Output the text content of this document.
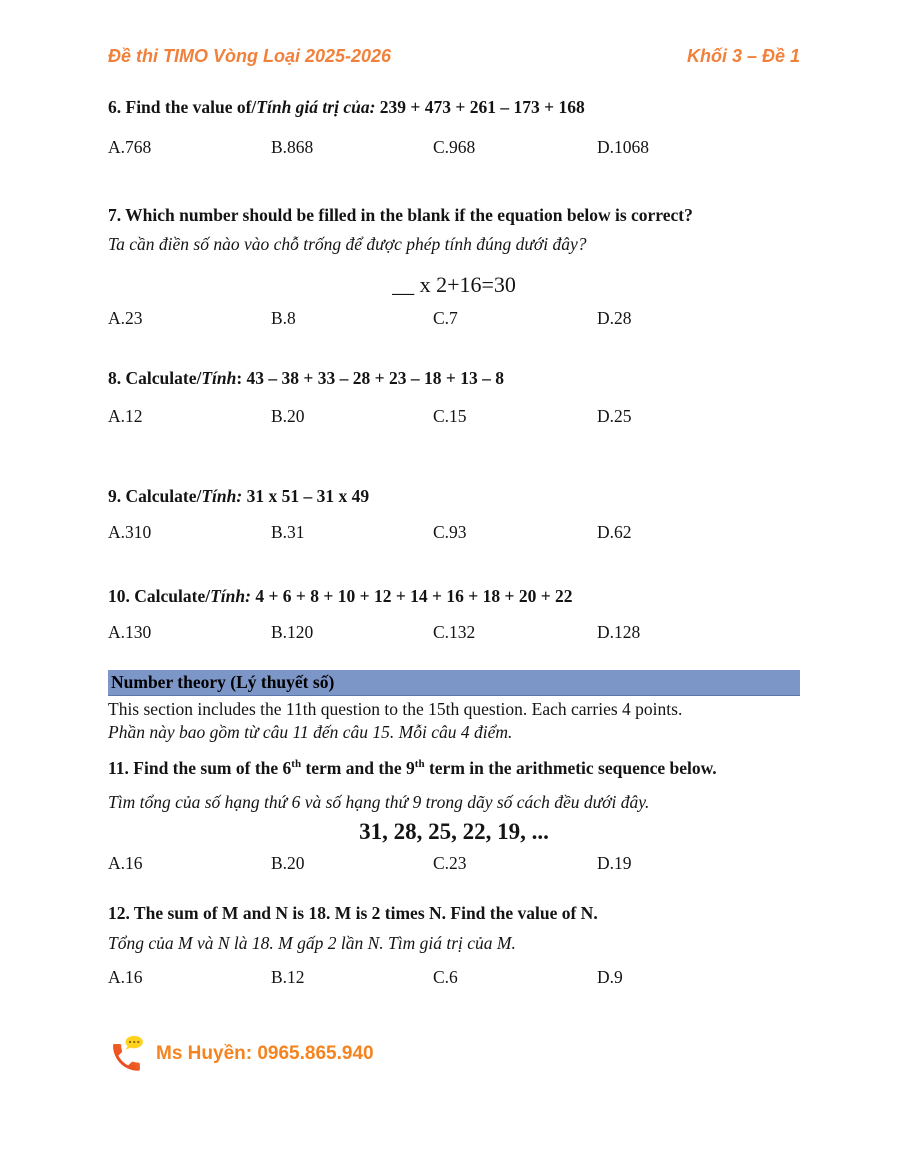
Đề thi TIMO Vòng Loại 2025-2026	Khối 3 – Đề 1

6. Find the value of/Tính giá trị của: 239 + 473 + 261 – 173 + 168

A.768	B.868	C.968	D.1068

7. Which number should be filled in the blank if the equation below is correct?

Ta cần điền số nào vào chỗ trống để được phép tính đúng dưới đây?

__ x 2+16=30

A.23	B.8	C.7	D.28

8. Calculate/Tính: 43 – 38 + 33 – 28 + 23 – 18 + 13 – 8

A.12	B.20	C.15	D.25

9. Calculate/Tính: 31 x 51 – 31 x 49

A.310	B.31	C.93	D.62

10. Calculate/Tính: 4 + 6 + 8 + 10 + 12 + 14 + 16 + 18 + 20 + 22

A.130	B.120	C.132	D.128
Number theory (Lý thuyết số)

This section includes the 11th question to the 15th question. Each carries 4 points.

Phần này bao gồm từ câu 11 đến câu 15. Mỗi câu 4 điểm.

11. Find the sum of the 6th term and the 9th term in the arithmetic sequence below.

Tìm tổng của số hạng thứ 6 và số hạng thứ 9 trong dãy số cách đều dưới đây.

31, 28, 25, 22, 19, ...

A.16	B.20	C.23	D.19

12. The sum of M and N is 18. M is 2 times N. Find the value of N.

Tổng của M và N là 18. M gấp 2 lần N. Tìm giá trị của M.

A.16	B.12	C.6	D.9
Ms Huyền: 0965.865.940
